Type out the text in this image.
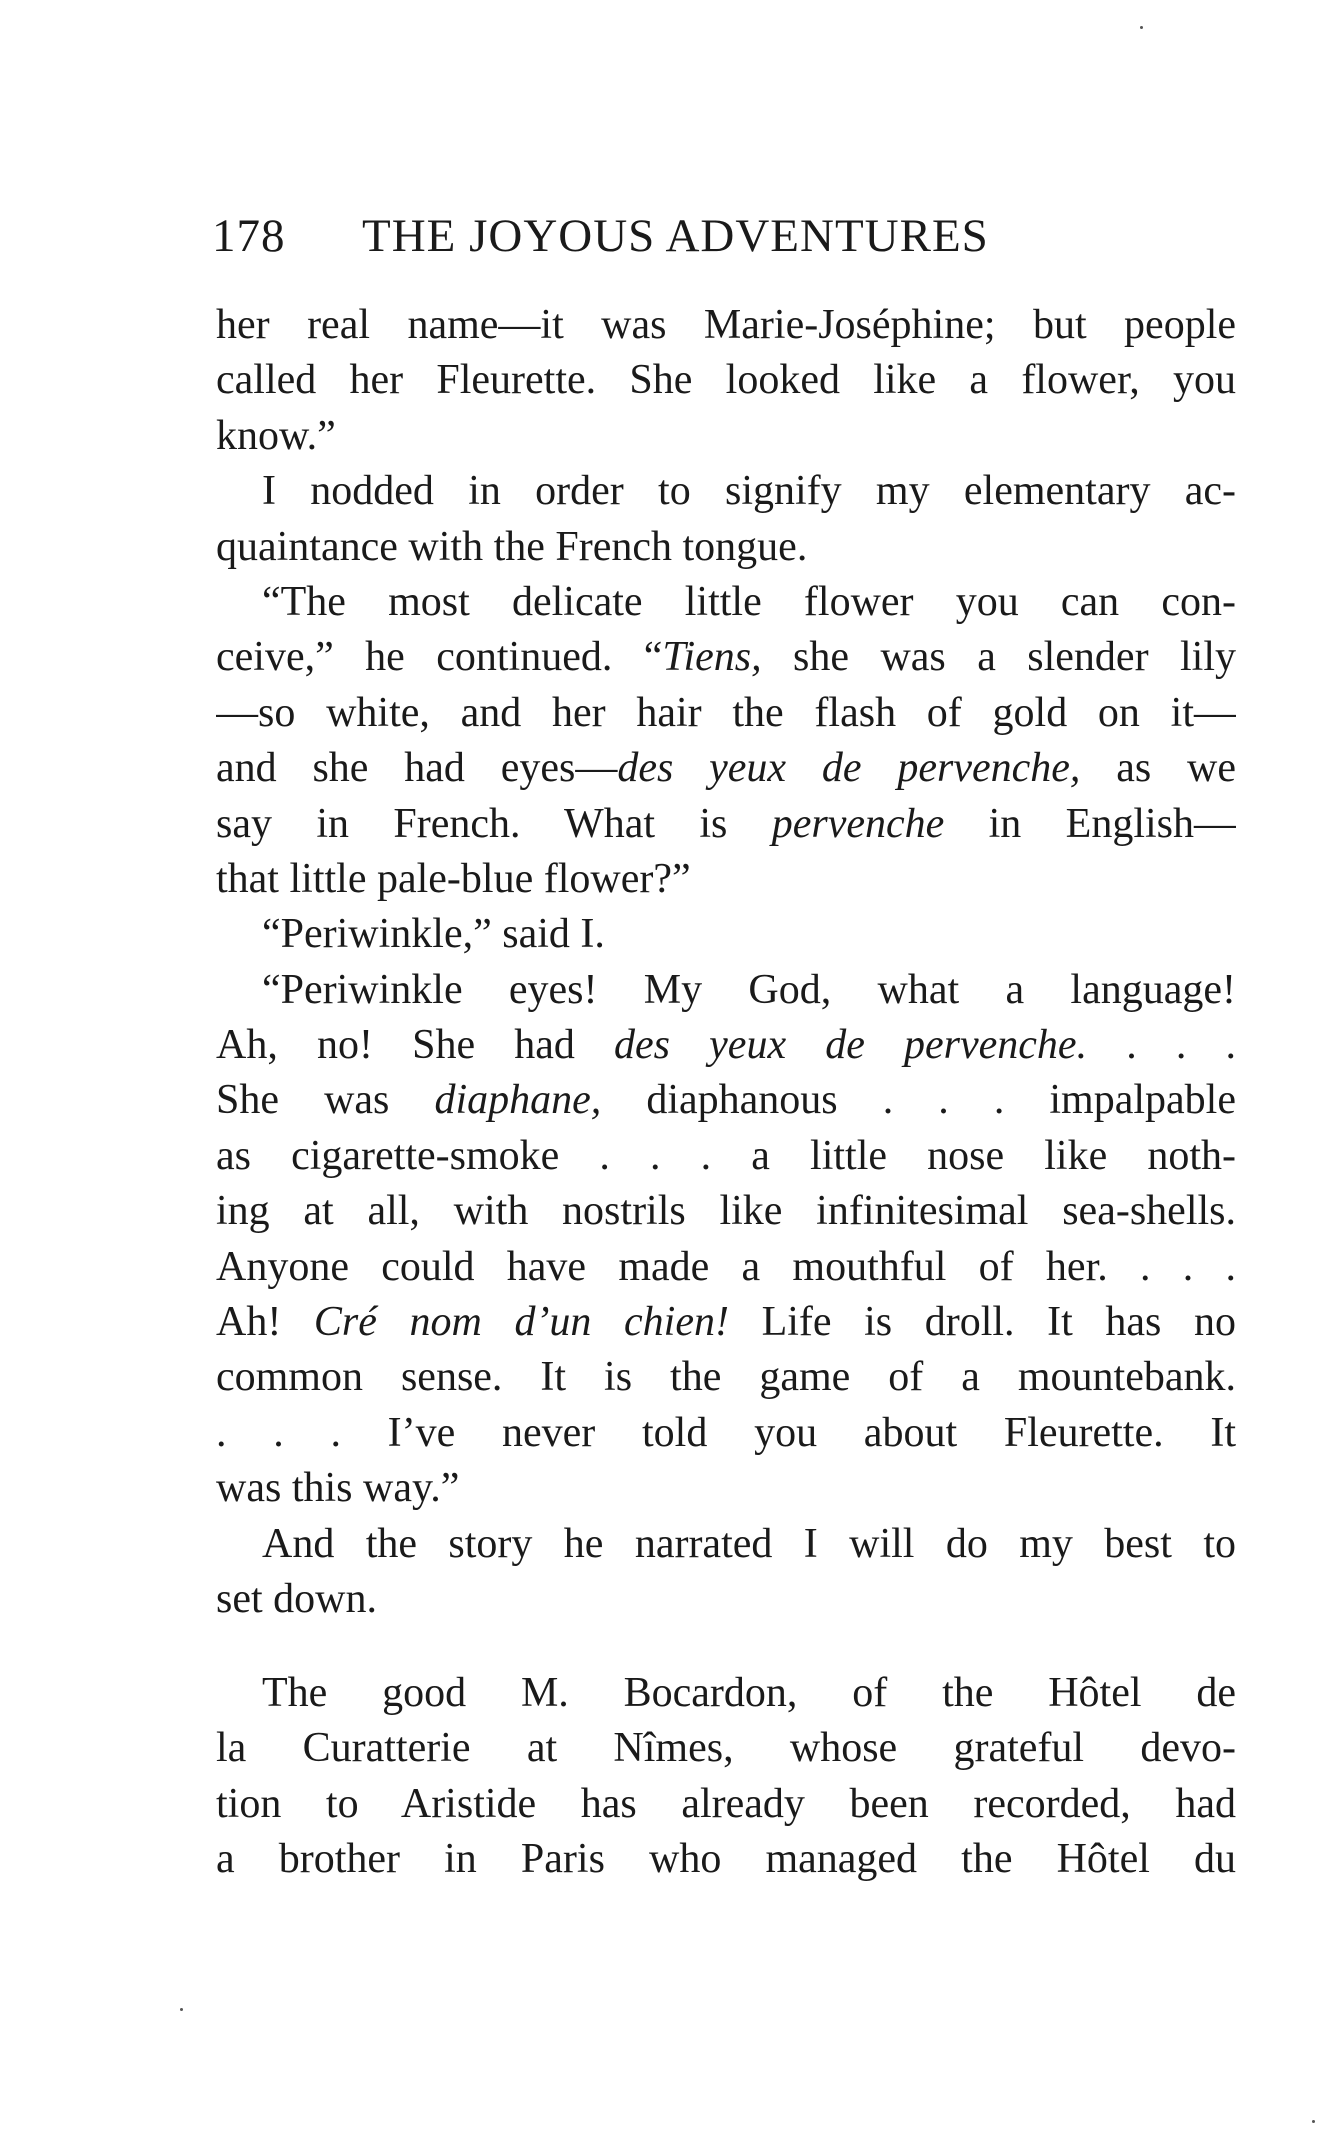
178 THE JOYOUS ADVENTURES
her real name—it was Marie-Joséphine; but people
called her Fleurette. She looked like a flower, you
know.”
I nodded in order to signify my elementary ac-
quaintance with the French tongue.
“The most delicate little flower you can con-
ceive,” he continued. “Tiens, she was a slender lily
—so white, and her hair the flash of gold on it—
and she had eyes—des yeux de pervenche, as we
say in French. What is pervenche in English—
that little pale-blue flower?”
“Periwinkle,” said I.
“Periwinkle eyes! My God, what a language!
Ah, no! She had des yeux de pervenche. . . .
She was diaphane, diaphanous . . . impalpable
as cigarette-smoke . . . a little nose like noth-
ing at all, with nostrils like infinitesimal sea-shells.
Anyone could have made a mouthful of her. . . .
Ah! Cré nom d’un chien! Life is droll. It has no
common sense. It is the game of a mountebank.
. . . I’ve never told you about Fleurette. It
was this way.”
And the story he narrated I will do my best to
set down.
The good M. Bocardon, of the Hôtel de
la Curatterie at Nîmes, whose grateful devo-
tion to Aristide has already been recorded, had
a brother in Paris who managed the Hôtel du
